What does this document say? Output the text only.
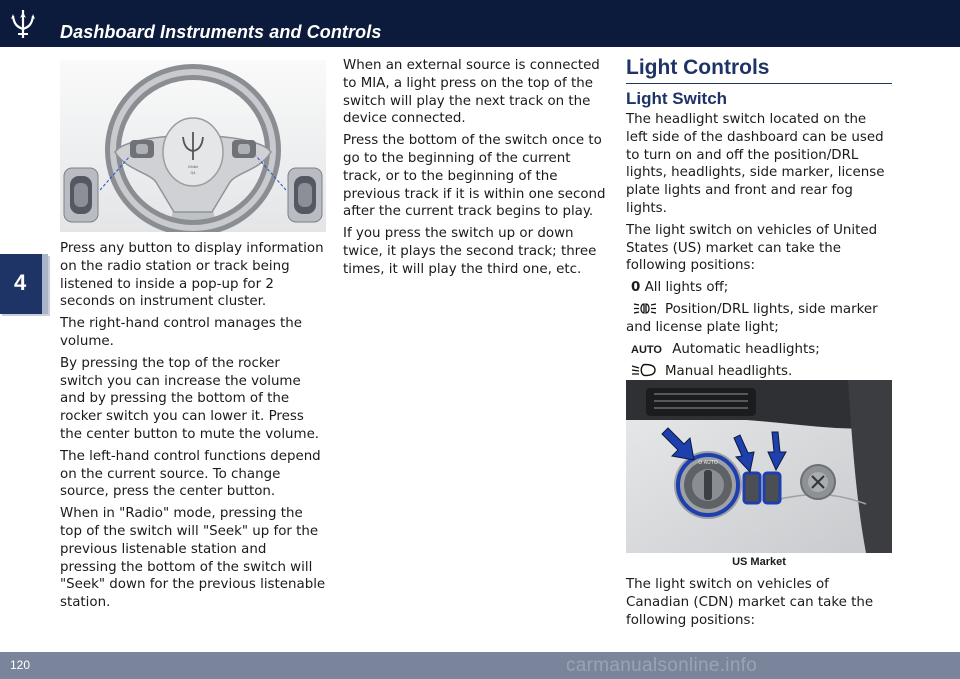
Dashboard Instruments and Controls
4
Ghibli
Q4

Press any button to display information on the radio station or track being listened to inside a pop-up for 2 seconds on instrument cluster.

The right-hand control manages the volume.

By pressing the top of the rocker switch you can increase the volume and by pressing the bottom of the rocker switch you can lower it. Press the center button to mute the volume.

The left-hand control functions depend on the current source. To change source, press the center button.

When in "Radio" mode, pressing the top of the switch will "Seek" up for the previous listenable station and pressing the bottom of the switch will "Seek" down for the previous listenable station.

When an external source is connected to MIA, a light press on the top of the switch will play the next track on the device connected.

Press the bottom of the switch once to go to the beginning of the current track, or to the beginning of the previous track if it is within one second after the current track begins to play.

If you press the switch up or down twice, it plays the second track; three times, it will play the third one, etc.

Light Controls
Light Switch

The headlight switch located on the left side of the dashboard can be used to turn on and off the position/DRL lights, headlights, side marker, license plate lights and front and rear fog lights.

The light switch on vehicles of United States (US) market can take the following positions:

0 All lights off;
Position/DRL lights, side marker and license plate light;
AUTO Automatic headlights;
Manual headlights.
O AUTO
US Market

The light switch on vehicles of Canadian (CDN) market can take the following positions:

120	carmanualsonline.info
